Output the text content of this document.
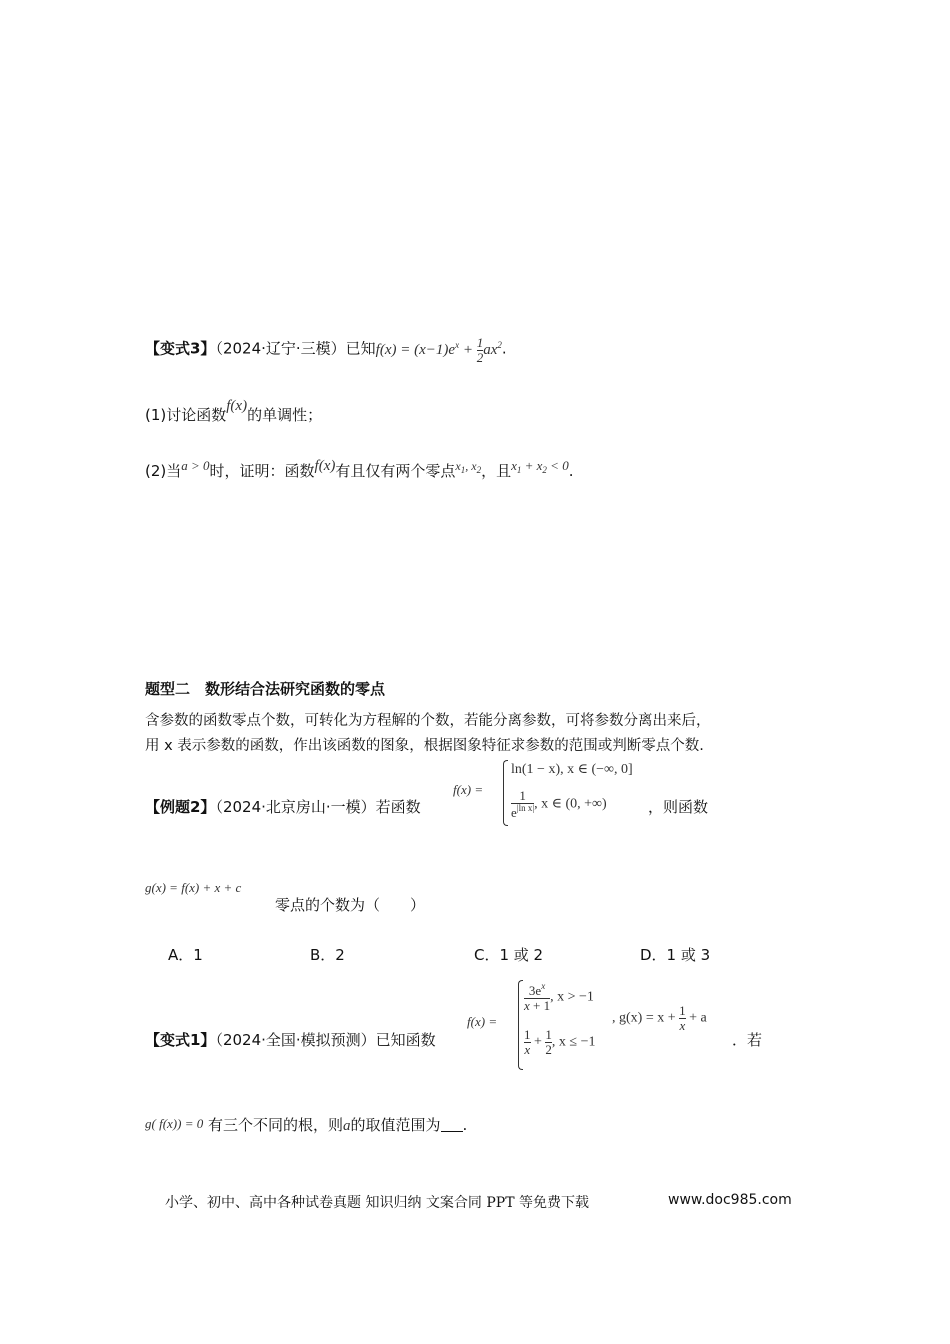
【变式3】（2024·辽宁·三模）已知$f(x) = (x-1)e^x + \frac{1}{2} ax^2$.
(1)讨论函数f(x)的单调性；
(2)当a > 0时，证明：函数f(x)有且仅有两个零点$^{x_1, x_2}$，且$x_1 + x_2 < 0$.
题型二　数形结合法研究函数的零点
含参数的函数零点个数，可转化为方程解的个数，若能分离参数，可将参数分离出来后，
用 x 表示参数的函数，作出该函数的图象，根据图象特征求参数的范围或判断零点个数.
【例题2】（2024·北京房山·一模）若函数
f(x) =
ln(1 − x), x ∈ (−∞, 0]
$\frac{1}{e^{|ln x|}}$ , x ∈ (0, +∞)	，则函数
g(x) = f(x) + x + c
零点的个数为（　　）
A．1	B．2	C．1 或 2	D．1 或 3
【变式1】（2024·全国·模拟预测）已知函数
f(x) =
$\frac{3e^x}{x + 1}$ , x > −1
$\frac{1}{x} + \frac{1}{2}$ , x ≤ −1
, $g(x) = x + \frac{1}{x} + a$
．若
g( f(x)) = 0 有三个不同的根，则a的取值范围为 .
小学、初中、高中各种试卷真题 知识归纳 文案合同 PPT 等免费下载	www.doc985.com
